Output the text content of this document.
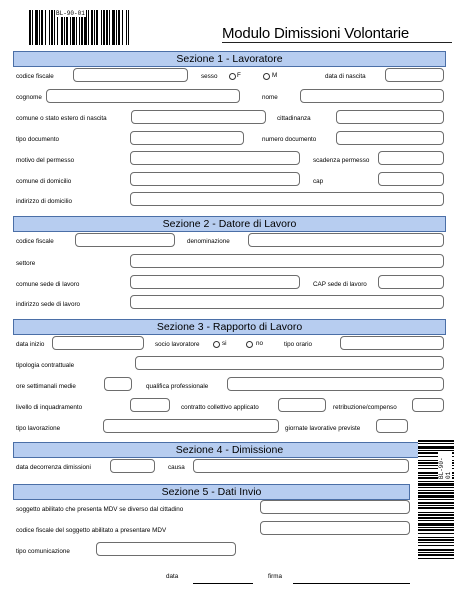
BL-90-01
Modulo Dimissioni Volontarie
Sezione 1 - Lavoratore
codice fiscale	sesso	F	M	data di nascita
cognome	nome
comune o stato estero di nascita	cittadinanza
tipo documento	numero documento
motivo del permesso	scadenza permesso
comune di domicilio	cap
indirizzo di domicilio
Sezione 2 - Datore di Lavoro
codice fiscale	denominazione
settore
comune sede di lavoro	CAP sede di lavoro
indirizzo sede di lavoro
Sezione 3 - Rapporto di Lavoro
data inizio	socio lavoratore	si	no	tipo orario
tipologia contrattuale
ore settimanali medie	qualifica professionale
livello di inquadramento	contratto collettivo applicato	retribuzione/compenso
tipo lavorazione	giornate lavorative previste
Sezione 4 - Dimissione
data decorrenza dimissioni	causa
Sezione 5 - Dati Invio
soggetto abilitato che presenta MDV se diverso dal cittadino
codice fiscale del soggetto abilitato a presentare MDV
tipo comunicazione
data	firma
BL-90-01
